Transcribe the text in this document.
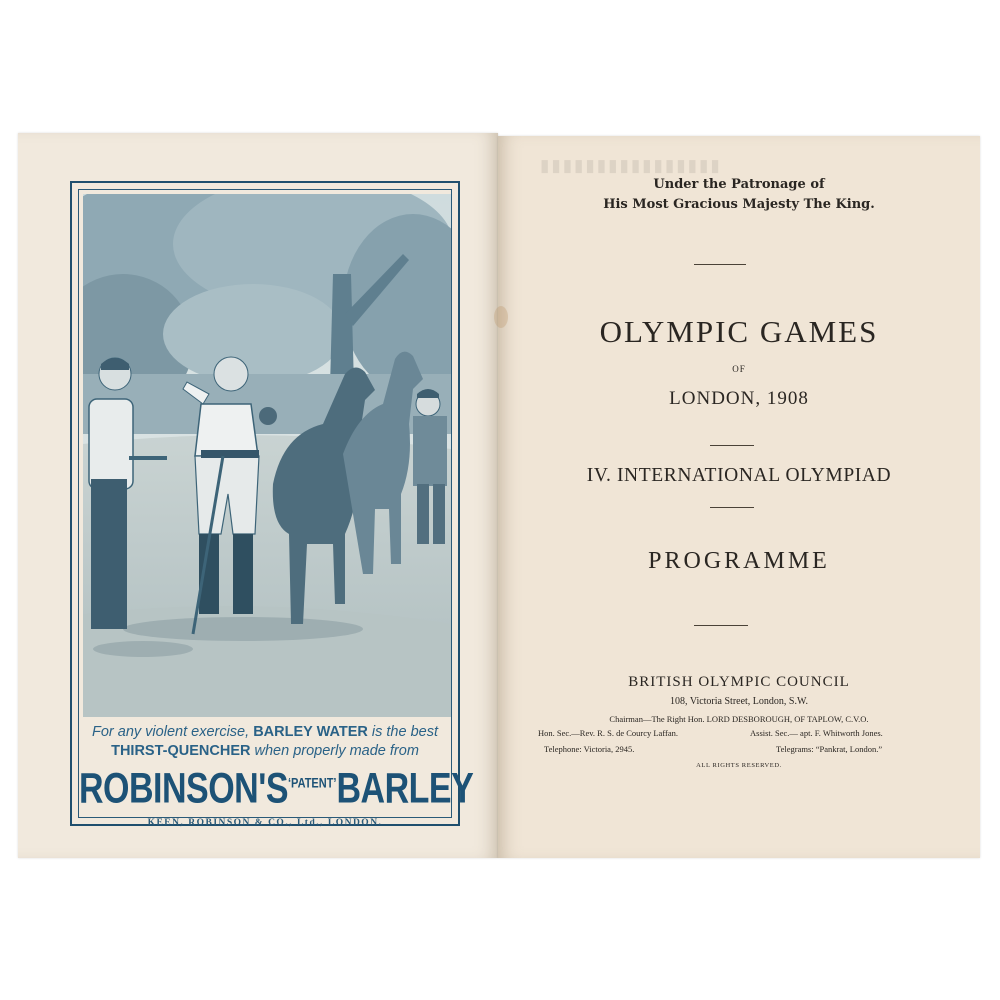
For any violent exercise, BARLEY WATER is the best
THIRST-QUENCHER when properly made from
ROBINSON'S‘PATENT’BARLEY
KEEN, ROBINSON & CO., Ltd., LONDON.
▮▮▮▮▮▮▮▮▮▮▮▮▮▮▮▮
Under the Patronage of
His Most Gracious Majesty The King.
OLYMPIC GAMES
OF
LONDON, 1908
IV. INTERNATIONAL OLYMPIAD
PROGRAMME
BRITISH OLYMPIC COUNCIL
108, Victoria Street, London, S.W.
Chairman—The Right Hon. LORD DESBOROUGH, OF TAPLOW, C.V.O.
Hon. Sec.—Rev. R. S. de Courcy Laffan.	Assist. Sec.— apt. F. Whitworth Jones.
Telephone: Victoria, 2945.	Telegrams: “Pankrat, London.”
ALL RIGHTS RESERVED.
